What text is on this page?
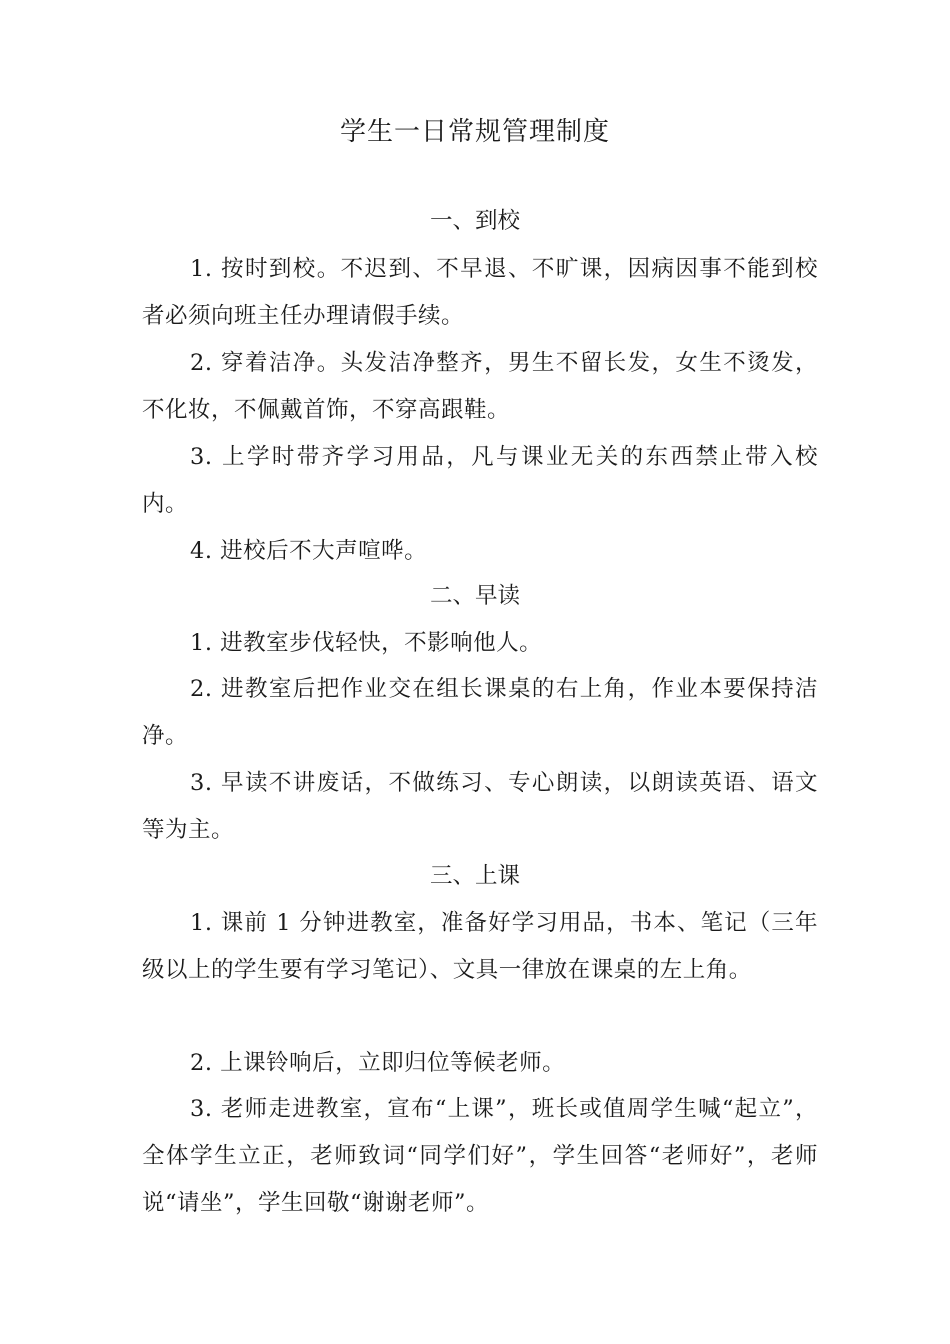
学生一日常规管理制度
一、到校
1. 按时到校。不迟到、不早退、不旷课，因病因事不能到校者必须向班主任办理请假手续。
2. 穿着洁净。头发洁净整齐，男生不留长发，女生不烫发，不化妆，不佩戴首饰，不穿高跟鞋。
3. 上学时带齐学习用品，凡与课业无关的东西禁止带入校内。
4. 进校后不大声喧哗。
二、早读
1. 进教室步伐轻快，不影响他人。
2. 进教室后把作业交在组长课桌的右上角，作业本要保持洁净。
3. 早读不讲废话，不做练习、专心朗读，以朗读英语、语文等为主。
三、上课
1. 课前 1 分钟进教室，准备好学习用品，书本、笔记（三年级以上的学生要有学习笔记）、文具一律放在课桌的左上角。
2. 上课铃响后，立即归位等候老师。
3. 老师走进教室，宣布“上课”，班长或值周学生喊“起立”，全体学生立正，老师致词“同学们好”，学生回答“老师好”，老师说“请坐”，学生回敬“谢谢老师”。
